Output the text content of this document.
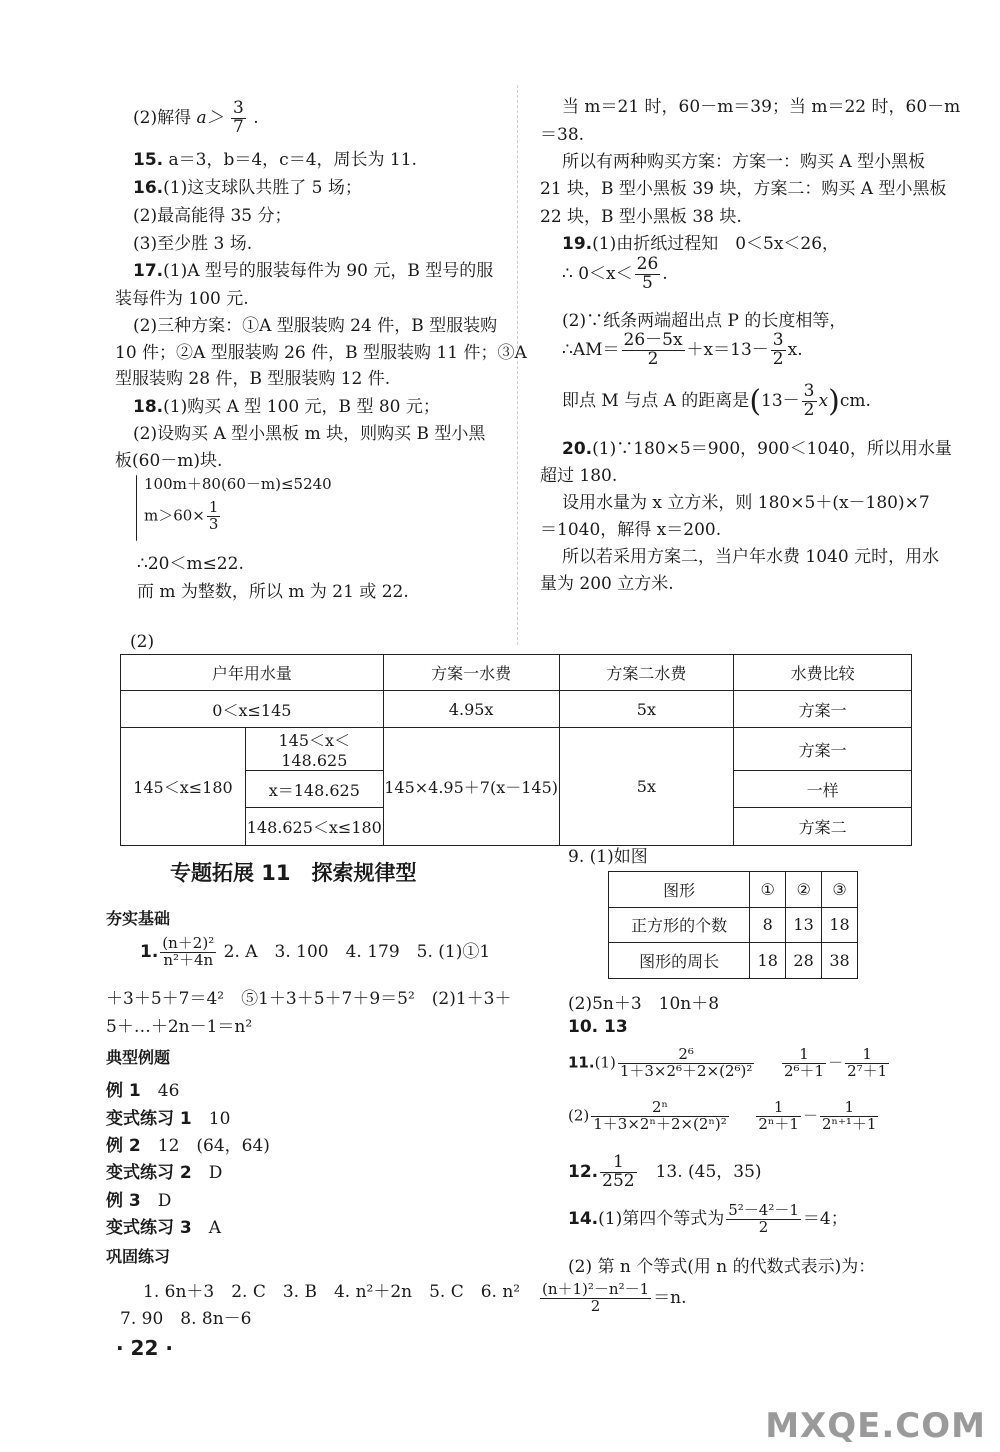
(2)解得 $a> \frac{3}{7}$ .
15. a＝3，b＝4，c＝4，周长为 11.
16.(1)这支球队共胜了 5 场；
(2)最高能得 35 分；
(3)至少胜 3 场.
17.(1)A 型号的服装每件为 90 元，B 型号的服
装每件为 100 元.
(2)三种方案：①A 型服装购 24 件，B 型服装购
10 件；②A 型服装购 26 件，B 型服装购 11 件；③A
型服装购 28 件，B 型服装购 12 件.
18.(1)购买 A 型 100 元，B 型 80 元；
(2)设购买 A 型小黑板 m 块，则购买 B 型小黑
板(60－m)块.
100m＋80(60－m)≤5240
$m>60\times \frac{1}{3}$
∴20＜m≤22.
而 m 为整数，所以 m 为 21 或 22.
当 m＝21 时，60－m＝39；当 m＝22 时，60－m
＝38.
所以有两种购买方案：方案一：购买 A 型小黑板
21 块，B 型小黑板 39 块，方案二：购买 A 型小黑板
22 块，B 型小黑板 38 块.
19.(1)由折纸过程知　0＜5x＜26，
∴ $0<x< \frac{26}{5}$ .
(2)∵纸条两端超出点 P 的长度相等，
∴AM＝ $\frac{26-5x}{2} +x=13- \frac{3}{2} x$.
即点 M 与点 A 的距离是$(13- \frac{3}{2} x)cm$.
20.(1)∵180×5＝900，900＜1040，所以用水量
超过 180.
设用水量为 x 立方米，则 180×5＋(x－180)×7
＝1040，解得 x＝200.
所以若采用方案二，当户年水费 1040 元时，用水
量为 200 立方米.
(2)
户年用水量		方案一水费	方案二水费	水费比较
0＜x≤145		4.95x	5x	方案一
145＜x≤180	145＜x＜148.625	145×4.95＋7(x－145)	5x	方案一
	x＝148.625			一样
	148.625＜x≤180			方案二
专题拓展 11　探索规律型
夯实基础
1. $\frac{\text{(n＋2)²}}{\text{n²＋4n}} 2$. A　3. 100　4. 179　5. (1)①1
＋3＋5＋7＝4²　⑤1＋3＋5＋7＋9＝5²　(2)1＋3＋
5＋…＋2n－1＝n²
典型例题
例 1　 46
变式练习 1　 10
例 2　 12　(64，64)
变式练习 2　 D
例 3　 D
变式练习 3　 A
巩固练习
1. 6n＋3　2. C　3. B　4. n²＋2n　5. C　6. n²
7. 90　8. 8n－6
· 22 ·
9. (1)如图
图形	①	②	③
正方形的个数	8	13	18
图形的周长	18	28	38
(2)5n＋3　10n＋8
10. 13
$11.(1) \frac{\text{2⁶}}{\text{1＋3×2⁶＋2×(2⁶)²}}$
$\frac{1}{\text{2⁶＋1}} - \frac{1}{\text{2⁷＋1}}$
$(2) \frac{\text{2ⁿ}}{\text{1＋3×2ⁿ＋2×(2ⁿ)²}}$
$\frac{1}{\text{2ⁿ＋1}} - \frac{1}{\text{2ⁿ⁺¹＋1}}$
12. $\frac{1}{252}$
　 13. (45，35)
14.(1)第四个等式为 $\frac{\text{5²－4²－1}}{2} =4$；
(2) 第 n 个等式(用 n 的代数式表示)为：
$\frac{\text{(n＋1)²－n²－1}}{2} =n$.
MXQE.COM
